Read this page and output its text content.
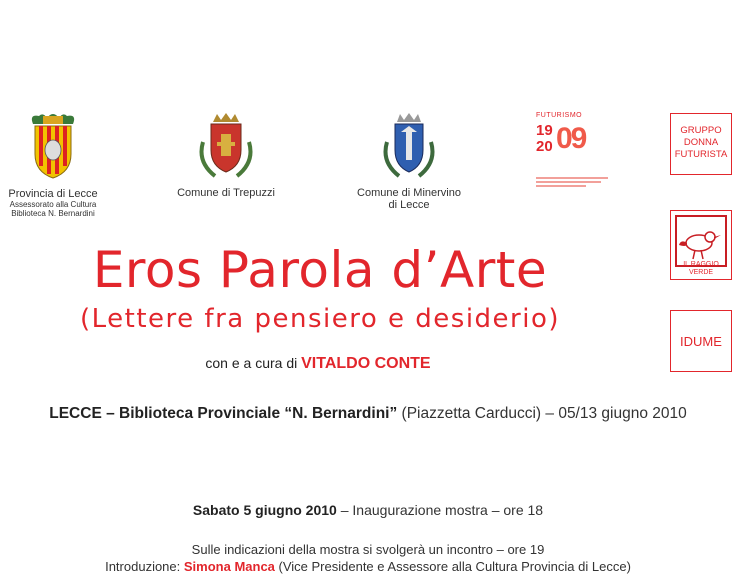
Provincia di Lecce
Assessorato alla Cultura
Biblioteca N. Bernardini
Comune di Trepuzzi	Comune di Minervino
di Lecce
FUTURISMO
19
20 09	GRUPPO
DONNA
FUTURISTA
IL RAGGIO VERDE
IDUME
Eros Parola d’Arte
(Lettere fra pensiero e desiderio)
con e a cura di VITALDO CONTE
LECCE – Biblioteca Provinciale “N. Bernardini” (Piazzetta Carducci) – 05/13 giugno 2010
Sabato 5 giugno 2010 – Inaugurazione mostra – ore 18
Sulle indicazioni della mostra si svolgerà un incontro – ore 19
Introduzione: Simona Manca (Vice Presidente e Assessore alla Cultura Provincia di Lecce)
